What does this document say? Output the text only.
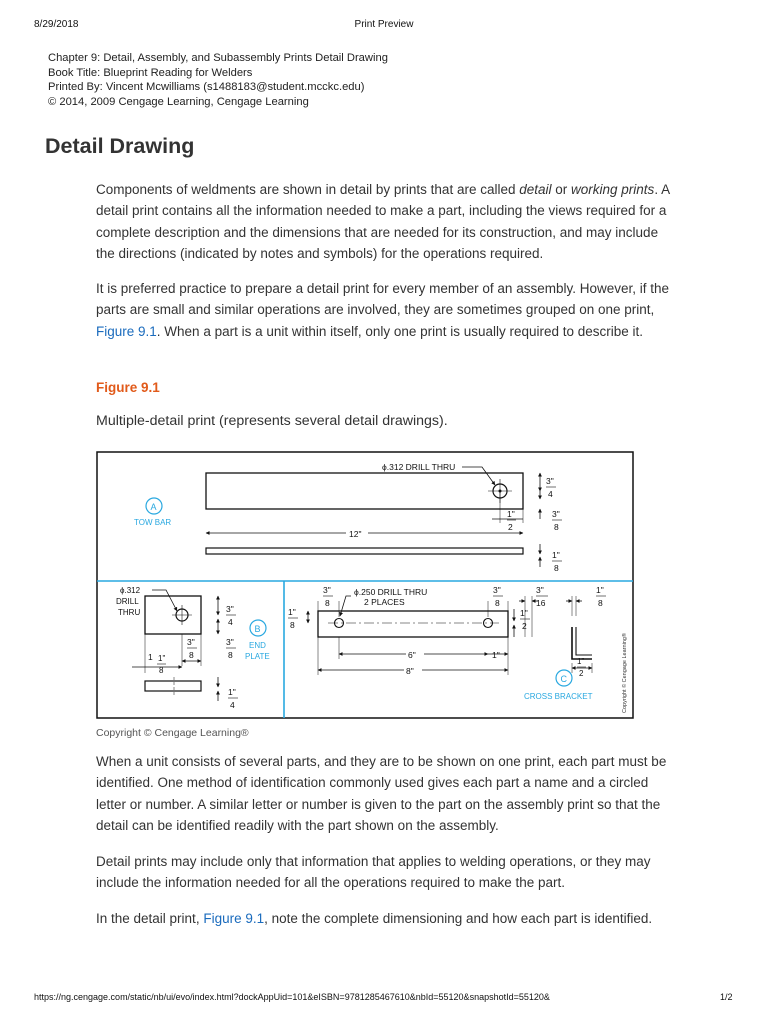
8/29/2018	Print Preview
Chapter 9: Detail, Assembly, and Subassembly Prints Detail Drawing
Book Title: Blueprint Reading for Welders
Printed By: Vincent Mcwilliams (s1488183@student.mcckc.edu)
© 2014, 2009 Cengage Learning, Cengage Learning
Detail Drawing

Components of weldments are shown in detail by prints that are called detail or working prints. A detail print contains all the information needed to make a part, including the views required for a complete description and the dimensions that are needed for its construction, and may include the directions (indicated by notes and symbols) for the operations required.

It is preferred practice to prepare a detail print for every member of an assembly. However, if the parts are small and similar operations are involved, they are sometimes grouped on one print, Figure 9.1. When a part is a unit within itself, only one print is usually required to describe it.

Figure 9.1
Multiple-detail print (represents several detail drawings).
ϕ.312 DRILL THRU
12"
3"
4
3"
8
1"
2
1"
8
A
TOW BAR
ϕ.312
DRILL
THRU	3"
4
3"
8
3"
8
1 1"
8
1"
4
B
END
PLATE
ϕ.250 DRILL THRU
2 PLACES
3"
8
3"
8
1"
8
1"
2
6"	1"
8"
3"
16
1"
8
1"
2
C
CROSS BRACKET	Copyright © Cengage Learning®
Copyright © Cengage Learning®

When a unit consists of several parts, and they are to be shown on one print, each part must be identified. One method of identification commonly used gives each part a name and a circled letter or number. A similar letter or number is given to the part on the assembly print so that the detail can be identified readily with the part shown on the assembly.

Detail prints may include only that information that applies to welding operations, or they may include the information needed for all the operations required to make the part.

In the detail print, Figure 9.1, note the complete dimensioning and how each part is identified.

https://ng.cengage.com/static/nb/ui/evo/index.html?dockAppUid=101&eISBN=9781285467610&nbId=55120&snapshotId=55120&	1/2
